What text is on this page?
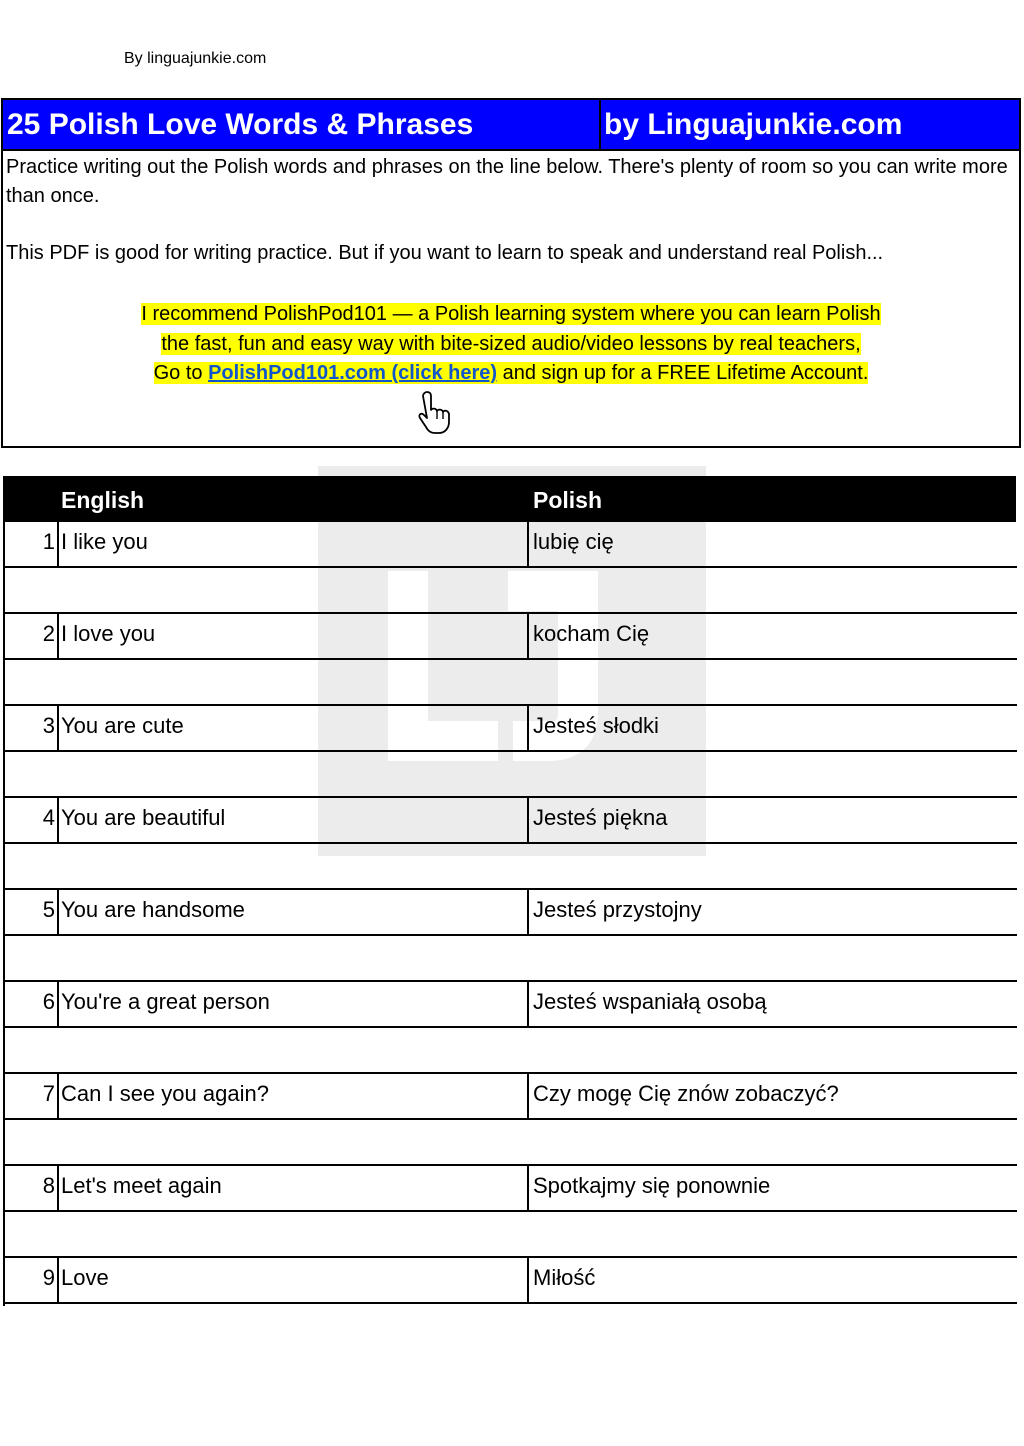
By linguajunkie.com
25 Polish Love Words & Phrases	by Linguajunkie.com
Practice writing out the Polish words and phrases on the line below. There's plenty of room so you can write more than once.
This PDF is good for writing practice. But if you want to learn to speak and understand real Polish...
I recommend PolishPod101 — a Polish learning system where you can learn Polish
the fast, fun and easy way with bite-sized audio/video lessons by real teachers,
Go to PolishPod101.com (click here) and sign up for a FREE Lifetime Account.
English	Polish
1 I like you	lubię cię
2 I love you	kocham Cię
3 You are cute	Jesteś słodki
4 You are beautiful	Jesteś piękna
5 You are handsome	Jesteś przystojny
6 You're a great person	Jesteś wspaniałą osobą
7 Can I see you again?	Czy mogę Cię znów zobaczyć?
8 Let's meet again	Spotkajmy się ponownie
9 Love	Miłość
